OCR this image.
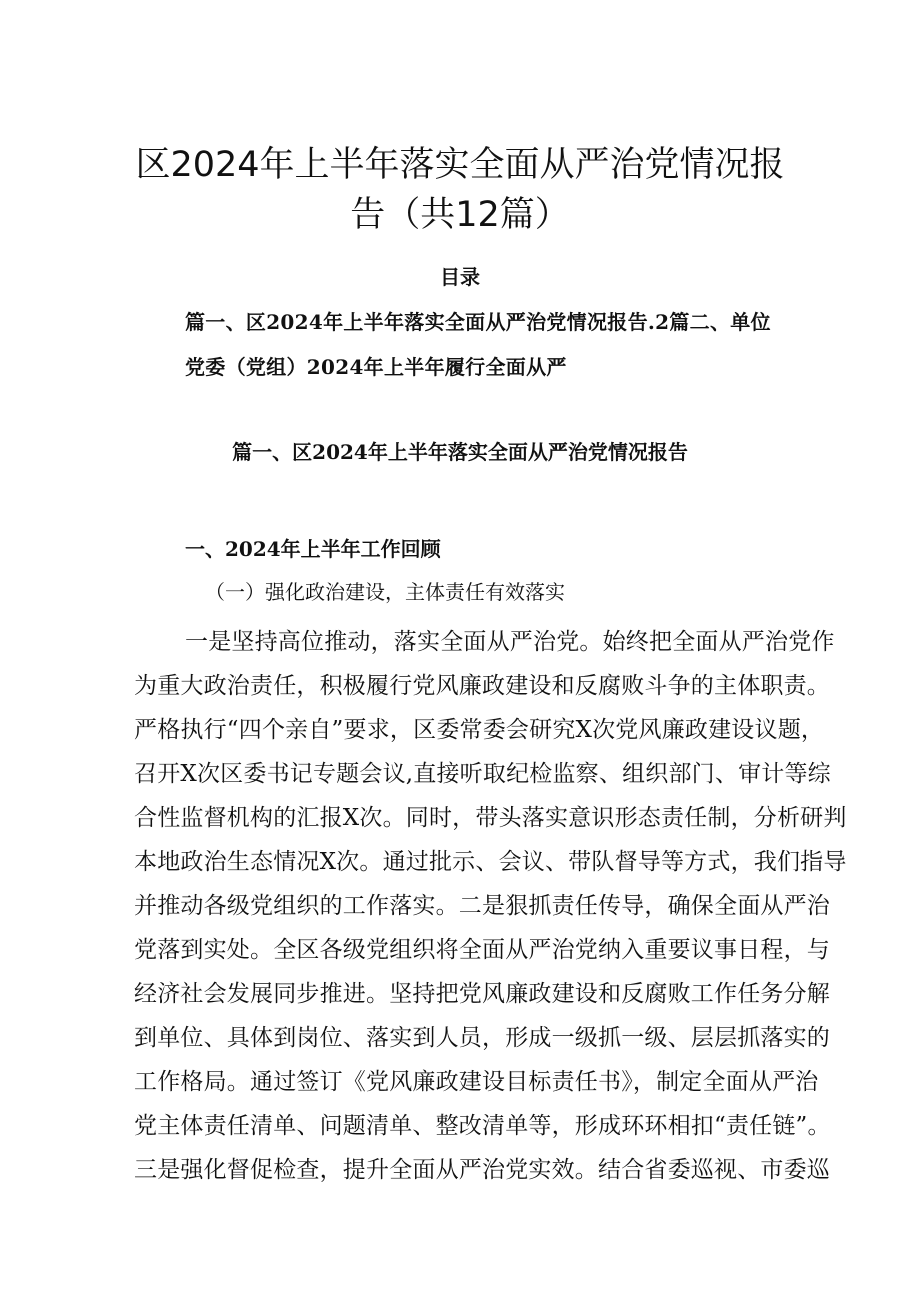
区2024年上半年落实全面从严治党情况报
告（共12篇）
目录
篇一、区2024年上半年落实全面从严治党情况报告.2篇二、单位
党委（党组）2024年上半年履行全面从严
篇一、区2024年上半年落实全面从严治党情况报告
一、2024年上半年工作回顾
（一）强化政治建设，主体责任有效落实
一是坚持高位推动，落实全面从严治党。始终把全面从严治党作
为重大政治责任，积极履行党风廉政建设和反腐败斗争的主体职责。
严格执行“四个亲自”要求，区委常委会研究X次党风廉政建设议题，
召开X次区委书记专题会议,直接听取纪检监察、组织部门、审计等综
合性监督机构的汇报X次。同时，带头落实意识形态责任制，分析研判
本地政治生态情况X次。通过批示、会议、带队督导等方式，我们指导
并推动各级党组织的工作落实。二是狠抓责任传导，确保全面从严治
党落到实处。全区各级党组织将全面从严治党纳入重要议事日程，与
经济社会发展同步推进。坚持把党风廉政建设和反腐败工作任务分解
到单位、具体到岗位、落实到人员，形成一级抓一级、层层抓落实的
工作格局。通过签订《党风廉政建设目标责任书》，制定全面从严治
党主体责任清单、问题清单、整改清单等，形成环环相扣“责任链”。
三是强化督促检查，提升全面从严治党实效。结合省委巡视、市委巡
